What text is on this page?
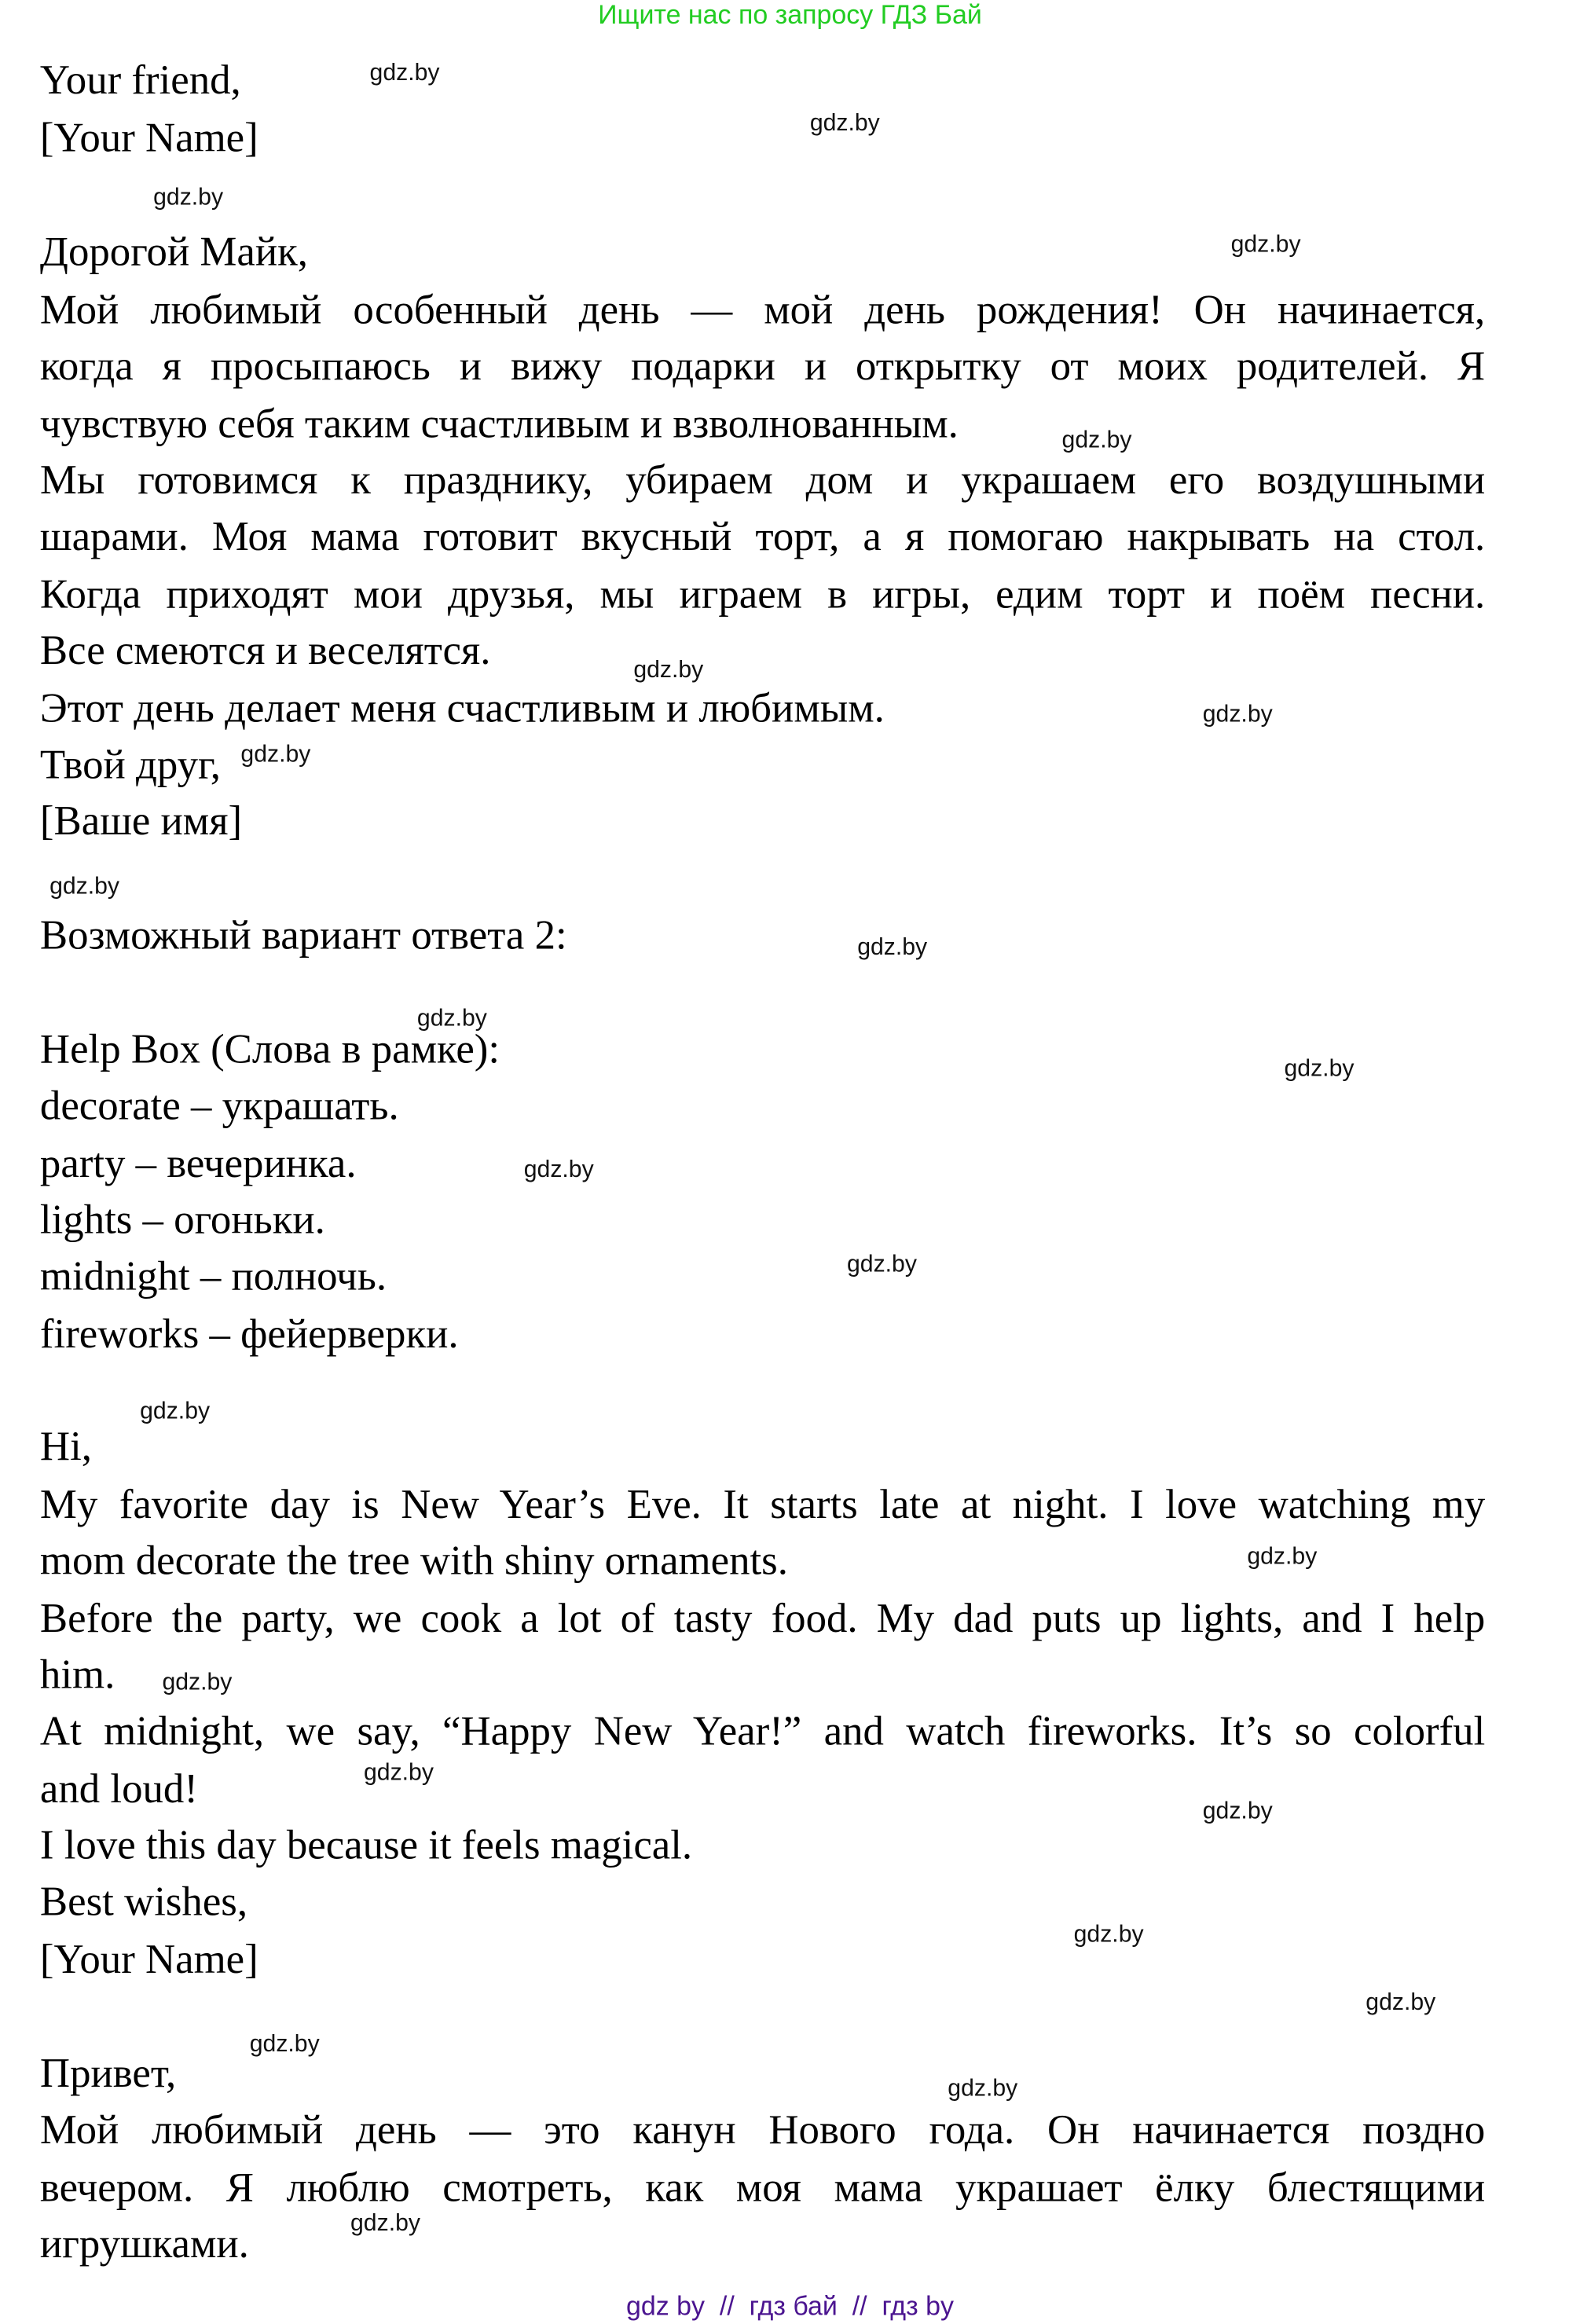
Ищите нас по запросу ГДЗ Бай
Your friend,
[Your Name]
Дорогой Майк,
Мой любимый особенный день — мой день рождения! Он начинается,
когда я просыпаюсь и вижу подарки и открытку от моих родителей. Я
чувствую себя таким счастливым и взволнованным.
Мы готовимся к празднику, убираем дом и украшаем его воздушными
шарами. Моя мама готовит вкусный торт, а я помогаю накрывать на стол.
Когда приходят мои друзья, мы играем в игры, едим торт и поём песни.
Все смеются и веселятся.
Этот день делает меня счастливым и любимым.
Твой друг,
[Ваше имя]
Возможный вариант ответа 2:
Help Box (Слова в рамке):
decorate – украшать.
party – вечеринка.
lights – огоньки.
midnight – полночь.
fireworks – фейерверки.
Hi,
My favorite day is New Year’s Eve. It starts late at night. I love watching my
mom decorate the tree with shiny ornaments.
Before the party, we cook a lot of tasty food. My dad puts up lights, and I help
him.
At midnight, we say, “Happy New Year!” and watch fireworks. It’s so colorful
and loud!
I love this day because it feels magical.
Best wishes,
[Your Name]
Привет,
Мой любимый день — это канун Нового года. Он начинается поздно
вечером. Я люблю смотреть, как моя мама украшает ёлку блестящими
игрушками.
gdz.by
gdz.by
gdz.by
gdz.by
gdz.by
gdz.by
gdz.by
gdz.by
gdz.by
gdz.by
gdz.by
gdz.by
gdz.by
gdz.by
gdz.by
gdz.by
gdz.by
gdz.by
gdz.by
gdz.by
gdz.by
gdz.by
gdz.by
gdz.by
gdz by  //  гдз бай  //  гдз by
